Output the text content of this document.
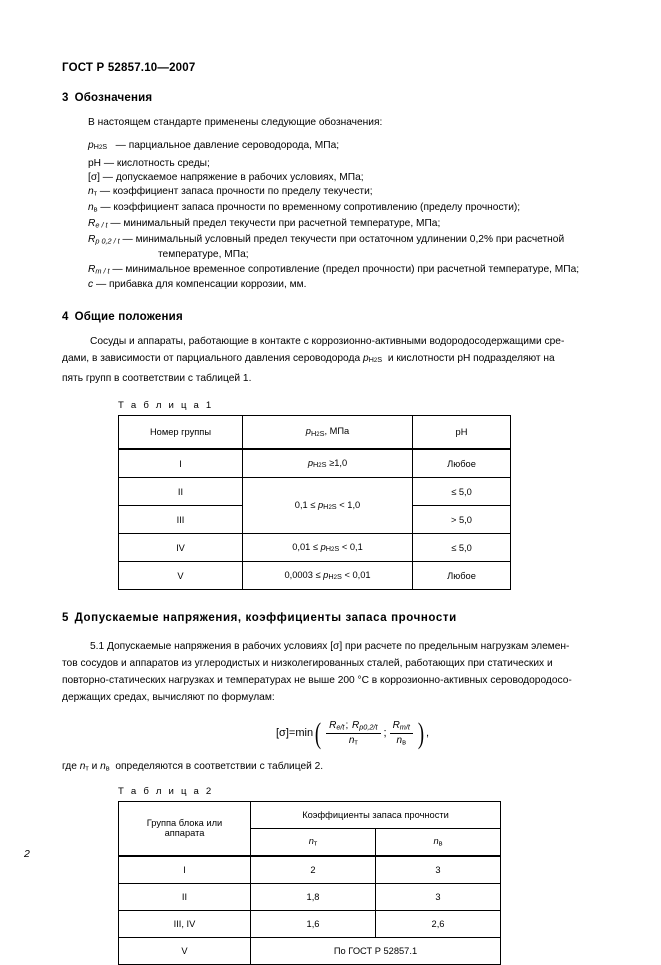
ГОСТ Р 52857.10—2007
3 Обозначения
В настоящем стандарте применены следующие обозначения:
$p_{H2S}$ — парциальное давление сероводорода, МПа;
pH — кислотность среды;
[σ] — допускаемое напряжение в рабочих условиях, МПа;
$n_т$ — коэффициент запаса прочности по пределу текучести;
$n_в$ — коэффициент запаса прочности по временному сопротивлению (пределу прочности);
$R_{e / t}$ — минимальный предел текучести при расчетной температуре, МПа;
$R_{p 0,2 / t}$ — минимальный условный предел текучести при остаточном удлинении 0,2% при расчетной
температуре, МПа;
$R_{m / t}$ — минимальное временное сопротивление (предел прочности) при расчетной температуре, МПа;
c — прибавка для компенсации коррозии, мм.
4 Общие положения
Сосуды и аппараты, работающие в контакте с коррозионно-активными водородосодержащими сре-
дами, в зависимости от парциального давления сероводорода $p_{H2S}$ и кислотности рН подразделяют на
пять групп в соответствии с таблицей 1.
Т а б л и ц а 1
Номер группы	$p_{H2S}$, МПа	pH
I	$p_{H2S} \ge 1,0$	Любое
II	$0,1 \le p_{H2S} < 1,0$	≤ 5,0
III		> 5,0
IV	$0,01 \le p_{H2S} < 0,1$	≤ 5,0
V	$0,0003 \le p_{H2S} < 0,01$	Любое
5 Допускаемые напряжения, коэффициенты запаса прочности
5.1 Допускаемые напряжения в рабочих условиях [σ] при расчете по предельным нагрузкам элемен-
тов сосудов и аппаратов из углеродистых и низколегированных сталей, работающих при статических и
повторно-статических нагрузках и температурах не выше 200 °C в коррозионно-активных сероводородосо-
держащих средах, вычисляют по формулам:
[σ] = min ( $\frac{R_{e/t}; R_{p0,2/t}}{n_т}$ ; $\frac{R_{m/t}}{n_в}$ ) ,
где $n_т$ и $n_в$ определяются в соответствии с таблицей 2.
Т а б л и ц а 2
Группа блока или
аппарата	Коэффициенты запаса прочности	
	$n_т$	$n_в$
I	2	3
II	1,8	3
III, IV	1,6	2,6
V	По ГОСТ Р 52857.1	
2
